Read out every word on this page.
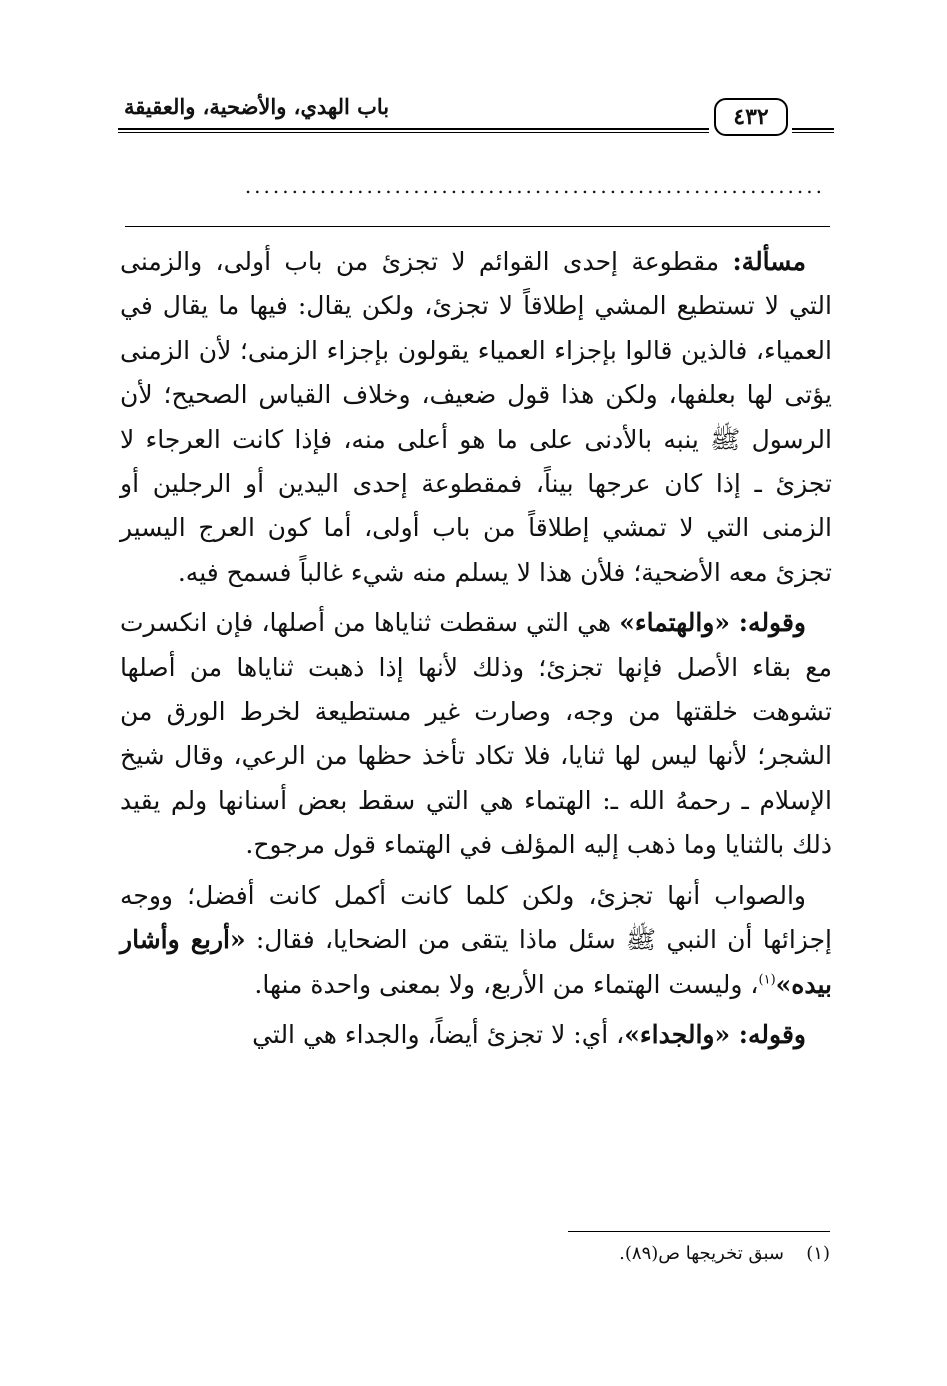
باب الهدي، والأضحية، والعقيقة	٤٣٢
..............................................................

مسألة: مقطوعة إحدى القوائم لا تجزئ من باب أولى، والزمنى التي لا تستطيع المشي إطلاقاً لا تجزئ، ولكن يقال: فيها ما يقال في العمياء، فالذين قالوا بإجزاء العمياء يقولون بإجزاء الزمنى؛ لأن الزمنى يؤتى لها بعلفها، ولكن هذا قول ضعيف، وخلاف القياس الصحيح؛ لأن الرسول ﷺ ينبه بالأدنى على ما هو أعلى منه، فإذا كانت العرجاء لا تجزئ ـ إذا كان عرجها بيناً، فمقطوعة إحدى اليدين أو الرجلين أو الزمنى التي لا تمشي إطلاقاً من باب أولى، أما كون العرج اليسير تجزئ معه الأضحية؛ فلأن هذا لا يسلم منه شيء غالباً فسمح فيه.

وقوله: «والهتماء» هي التي سقطت ثناياها من أصلها، فإن انكسرت مع بقاء الأصل فإنها تجزئ؛ وذلك لأنها إذا ذهبت ثناياها من أصلها تشوهت خلقتها من وجه، وصارت غير مستطيعة لخرط الورق من الشجر؛ لأنها ليس لها ثنايا، فلا تكاد تأخذ حظها من الرعي، وقال شيخ الإسلام ـ رحمهُ الله ـ: الهتماء هي التي سقط بعض أسنانها ولم يقيد ذلك بالثنايا وما ذهب إليه المؤلف في الهتماء قول مرجوح.

والصواب أنها تجزئ، ولكن كلما كانت أكمل كانت أفضل؛ ووجه إجزائها أن النبي ﷺ سئل ماذا يتقى من الضحايا، فقال: «أربع وأشار بيده»$^{(١)}$، وليست الهتماء من الأربع، ولا بمعنى واحدة منها.

وقوله: «والجداء»، أي: لا تجزئ أيضاً، والجداء هي التي

(١)سبق تخريجها ص(٨٩).
